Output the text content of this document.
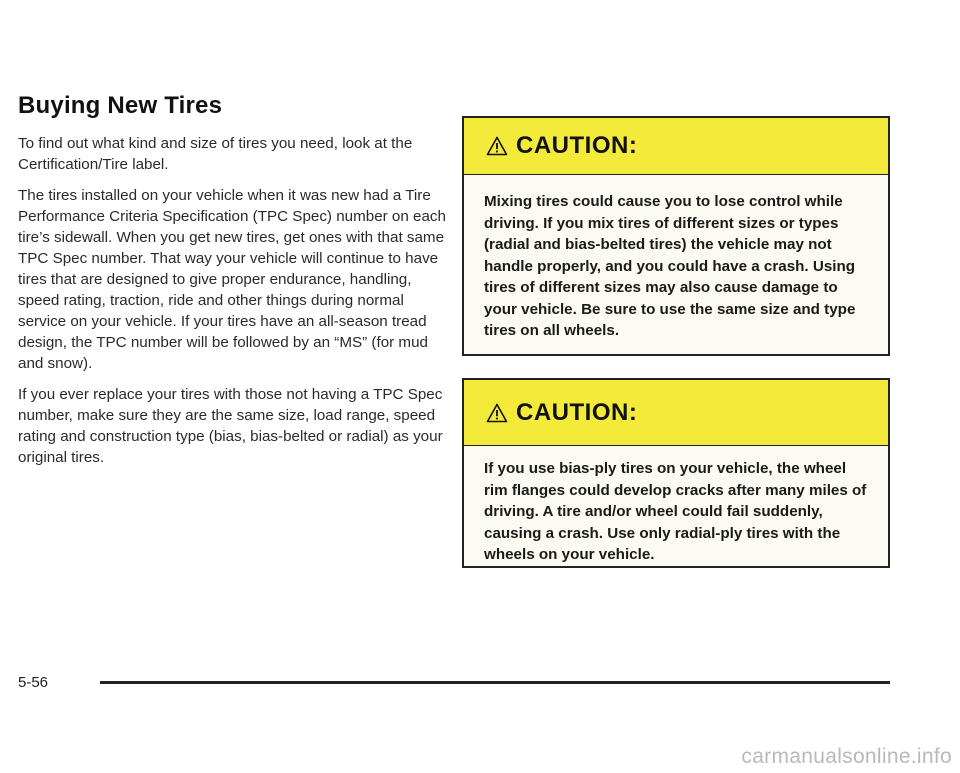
Buying New Tires

To find out what kind and size of tires you need, look at the Certification/Tire label.

The tires installed on your vehicle when it was new had a Tire Performance Criteria Specification (TPC Spec) number on each tire’s sidewall. When you get new tires, get ones with that same TPC Spec number. That way your vehicle will continue to have tires that are designed to give proper endurance, handling, speed rating, traction, ride and other things during normal service on your vehicle. If your tires have an all-season tread design, the TPC number will be followed by an “MS” (for mud and snow).

If you ever replace your tires with those not having a TPC Spec number, make sure they are the same size, load range, speed rating and construction type (bias, bias-belted or radial) as your original tires.

CAUTION:
Mixing tires could cause you to lose control while driving. If you mix tires of different sizes or types (radial and bias-belted tires) the vehicle may not handle properly, and you could have a crash. Using tires of different sizes may also cause damage to your vehicle. Be sure to use the same size and type tires on all wheels.
CAUTION:
If you use bias-ply tires on your vehicle, the wheel rim flanges could develop cracks after many miles of driving. A tire and/or wheel could fail suddenly, causing a crash. Use only radial-ply tires with the wheels on your vehicle.
5-56
carmanualsonline.info
